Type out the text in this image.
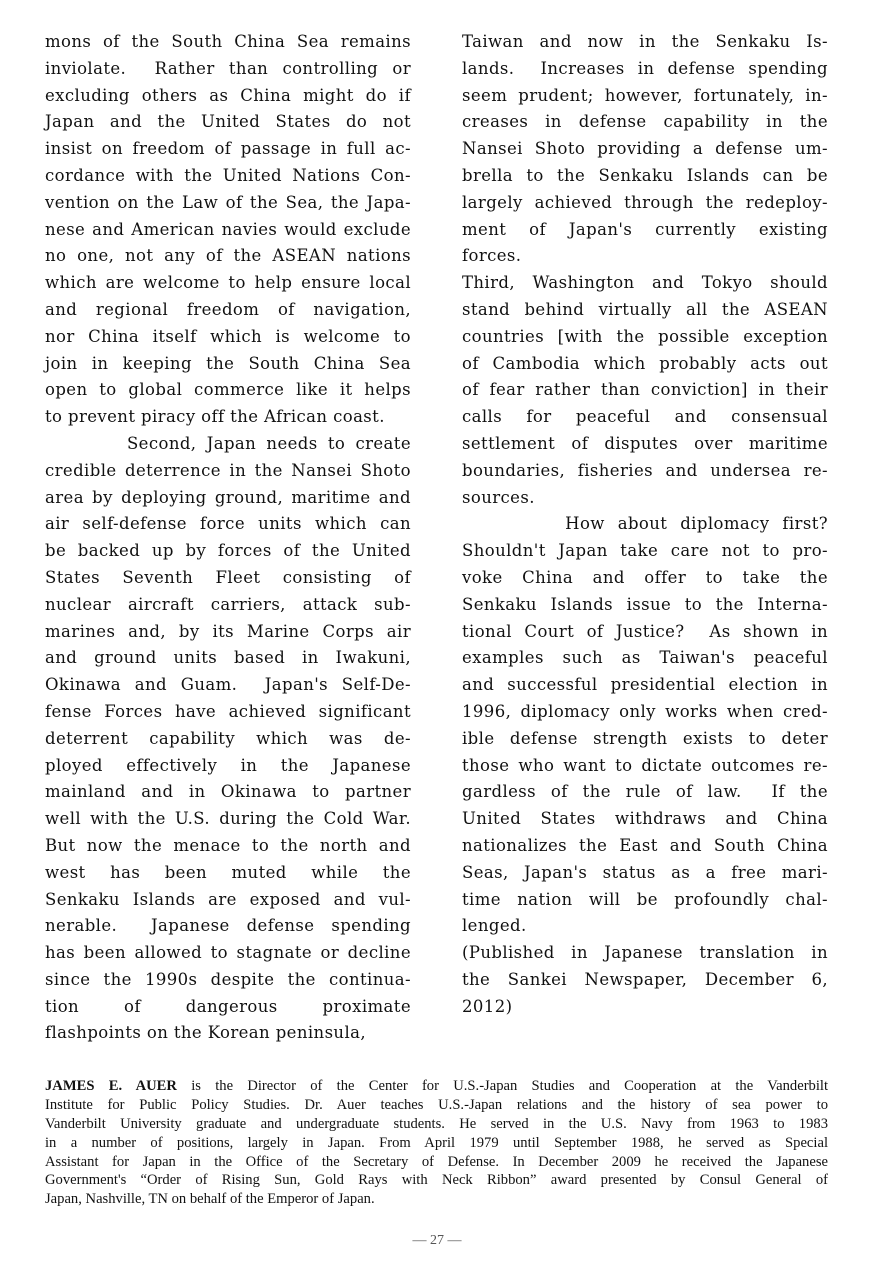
mons of the South China Sea remains
inviolate.  Rather than controlling or
excluding others as China might do if
Japan and the United States do not
insist on freedom of passage in full ac-
cordance with the United Nations Con-
vention on the Law of the Sea, the Japa-
nese and American navies would exclude
no one, not any of the ASEAN nations
which are welcome to help ensure local
and regional freedom of navigation,
nor China itself which is welcome to
join in keeping the South China Sea
open to global commerce like it helps
to prevent piracy off the African coast.
Second, Japan needs to create
credible deterrence in the Nansei Shoto
area by deploying ground, maritime and
air self-defense force units which can
be backed up by forces of the United
States Seventh Fleet consisting of
nuclear aircraft carriers, attack sub-
marines and, by its Marine Corps air
and ground units based in Iwakuni,
Okinawa and Guam.  Japan's Self-De-
fense Forces have achieved significant
deterrent capability which was de-
ployed effectively in the Japanese
mainland and in Okinawa to partner
well with the U.S. during the Cold War.
But now the menace to the north and
west has been muted while the
Senkaku Islands are exposed and vul-
nerable.  Japanese defense spending
has been allowed to stagnate or decline
since the 1990s despite the continua-
tion of dangerous proximate
flashpoints on the Korean peninsula,
Taiwan and now in the Senkaku Is-
lands.  Increases in defense spending
seem prudent; however, fortunately, in-
creases in defense capability in the
Nansei Shoto providing a defense um-
brella to the Senkaku Islands can be
largely achieved through the redeploy-
ment of Japan's currently existing
forces.
Third, Washington and Tokyo should
stand behind virtually all the ASEAN
countries [with the possible exception
of Cambodia which probably acts out
of fear rather than conviction] in their
calls for peaceful and consensual
settlement of disputes over maritime
boundaries, fisheries and undersea re-
sources.
How about diplomacy first?
Shouldn't Japan take care not to pro-
voke China and offer to take the
Senkaku Islands issue to the Interna-
tional Court of Justice?  As shown in
examples such as Taiwan's peaceful
and successful presidential election in
1996, diplomacy only works when cred-
ible defense strength exists to deter
those who want to dictate outcomes re-
gardless of the rule of law.  If the
United States withdraws and China
nationalizes the East and South China
Seas, Japan's status as a free mari-
time nation will be profoundly chal-
lenged.
(Published in Japanese translation in
the Sankei Newspaper, December 6,
2012)
JAMES E. AUER is the Director of the Center for U.S.-Japan Studies and Cooperation at the Vanderbilt
Institute for Public Policy Studies. Dr. Auer teaches U.S.-Japan relations and the history of sea power to
Vanderbilt University graduate and undergraduate students. He served in the U.S. Navy from 1963 to 1983
in a number of positions, largely in Japan. From April 1979 until September 1988, he served as Special
Assistant for Japan in the Office of the Secretary of Defense. In December 2009 he received the Japanese
Government's “Order of Rising Sun, Gold Rays with Neck Ribbon” award presented by Consul General of
Japan, Nashville, TN on behalf of the Emperor of Japan.
— 27 —
